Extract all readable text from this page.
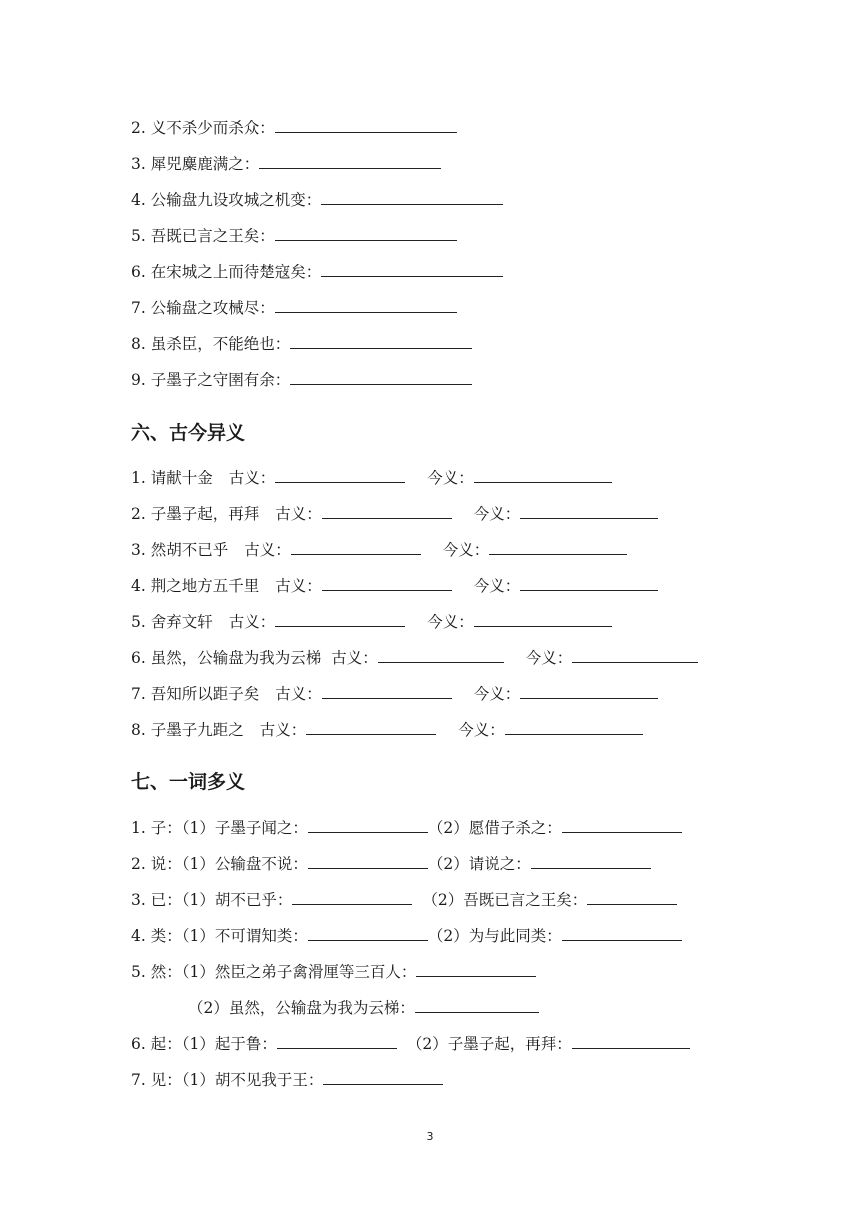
2. 义不杀少而杀众：
3. 犀兕麋鹿满之：
4. 公输盘九设攻城之机变：
5. 吾既已言之王矣：
6. 在宋城之上而待楚寇矣：
7. 公输盘之攻械尽：
8. 虽杀臣，不能绝也：
9. 子墨子之守圉有余：
六、古今异义
1. 请献十金 古义：	今义：
2. 子墨子起，再拜 古义：	今义：
3. 然胡不已乎 古义：	今义：
4. 荆之地方五千里 古义：	今义：
5. 舍弃文轩 古义：	今义：
6. 虽然，公输盘为我为云梯 古义：	今义：
7. 吾知所以距子矣 古义：	今义：
8. 子墨子九距之 古义：	今义：
七、一词多义
1. 子：（1）子墨子闻之：	（2）愿借子杀之：
2. 说：（1）公输盘不说：	（2）请说之：
3. 已：（1）胡不已乎：	（2）吾既已言之王矣：
4. 类：（1）不可谓知类：	（2）为与此同类：
5. 然：（1）然臣之弟子禽滑厘等三百人：
（2）虽然，公输盘为我为云梯：
6. 起：（1）起于鲁：	（2）子墨子起，再拜：
7. 见：（1）胡不见我于王：
3
